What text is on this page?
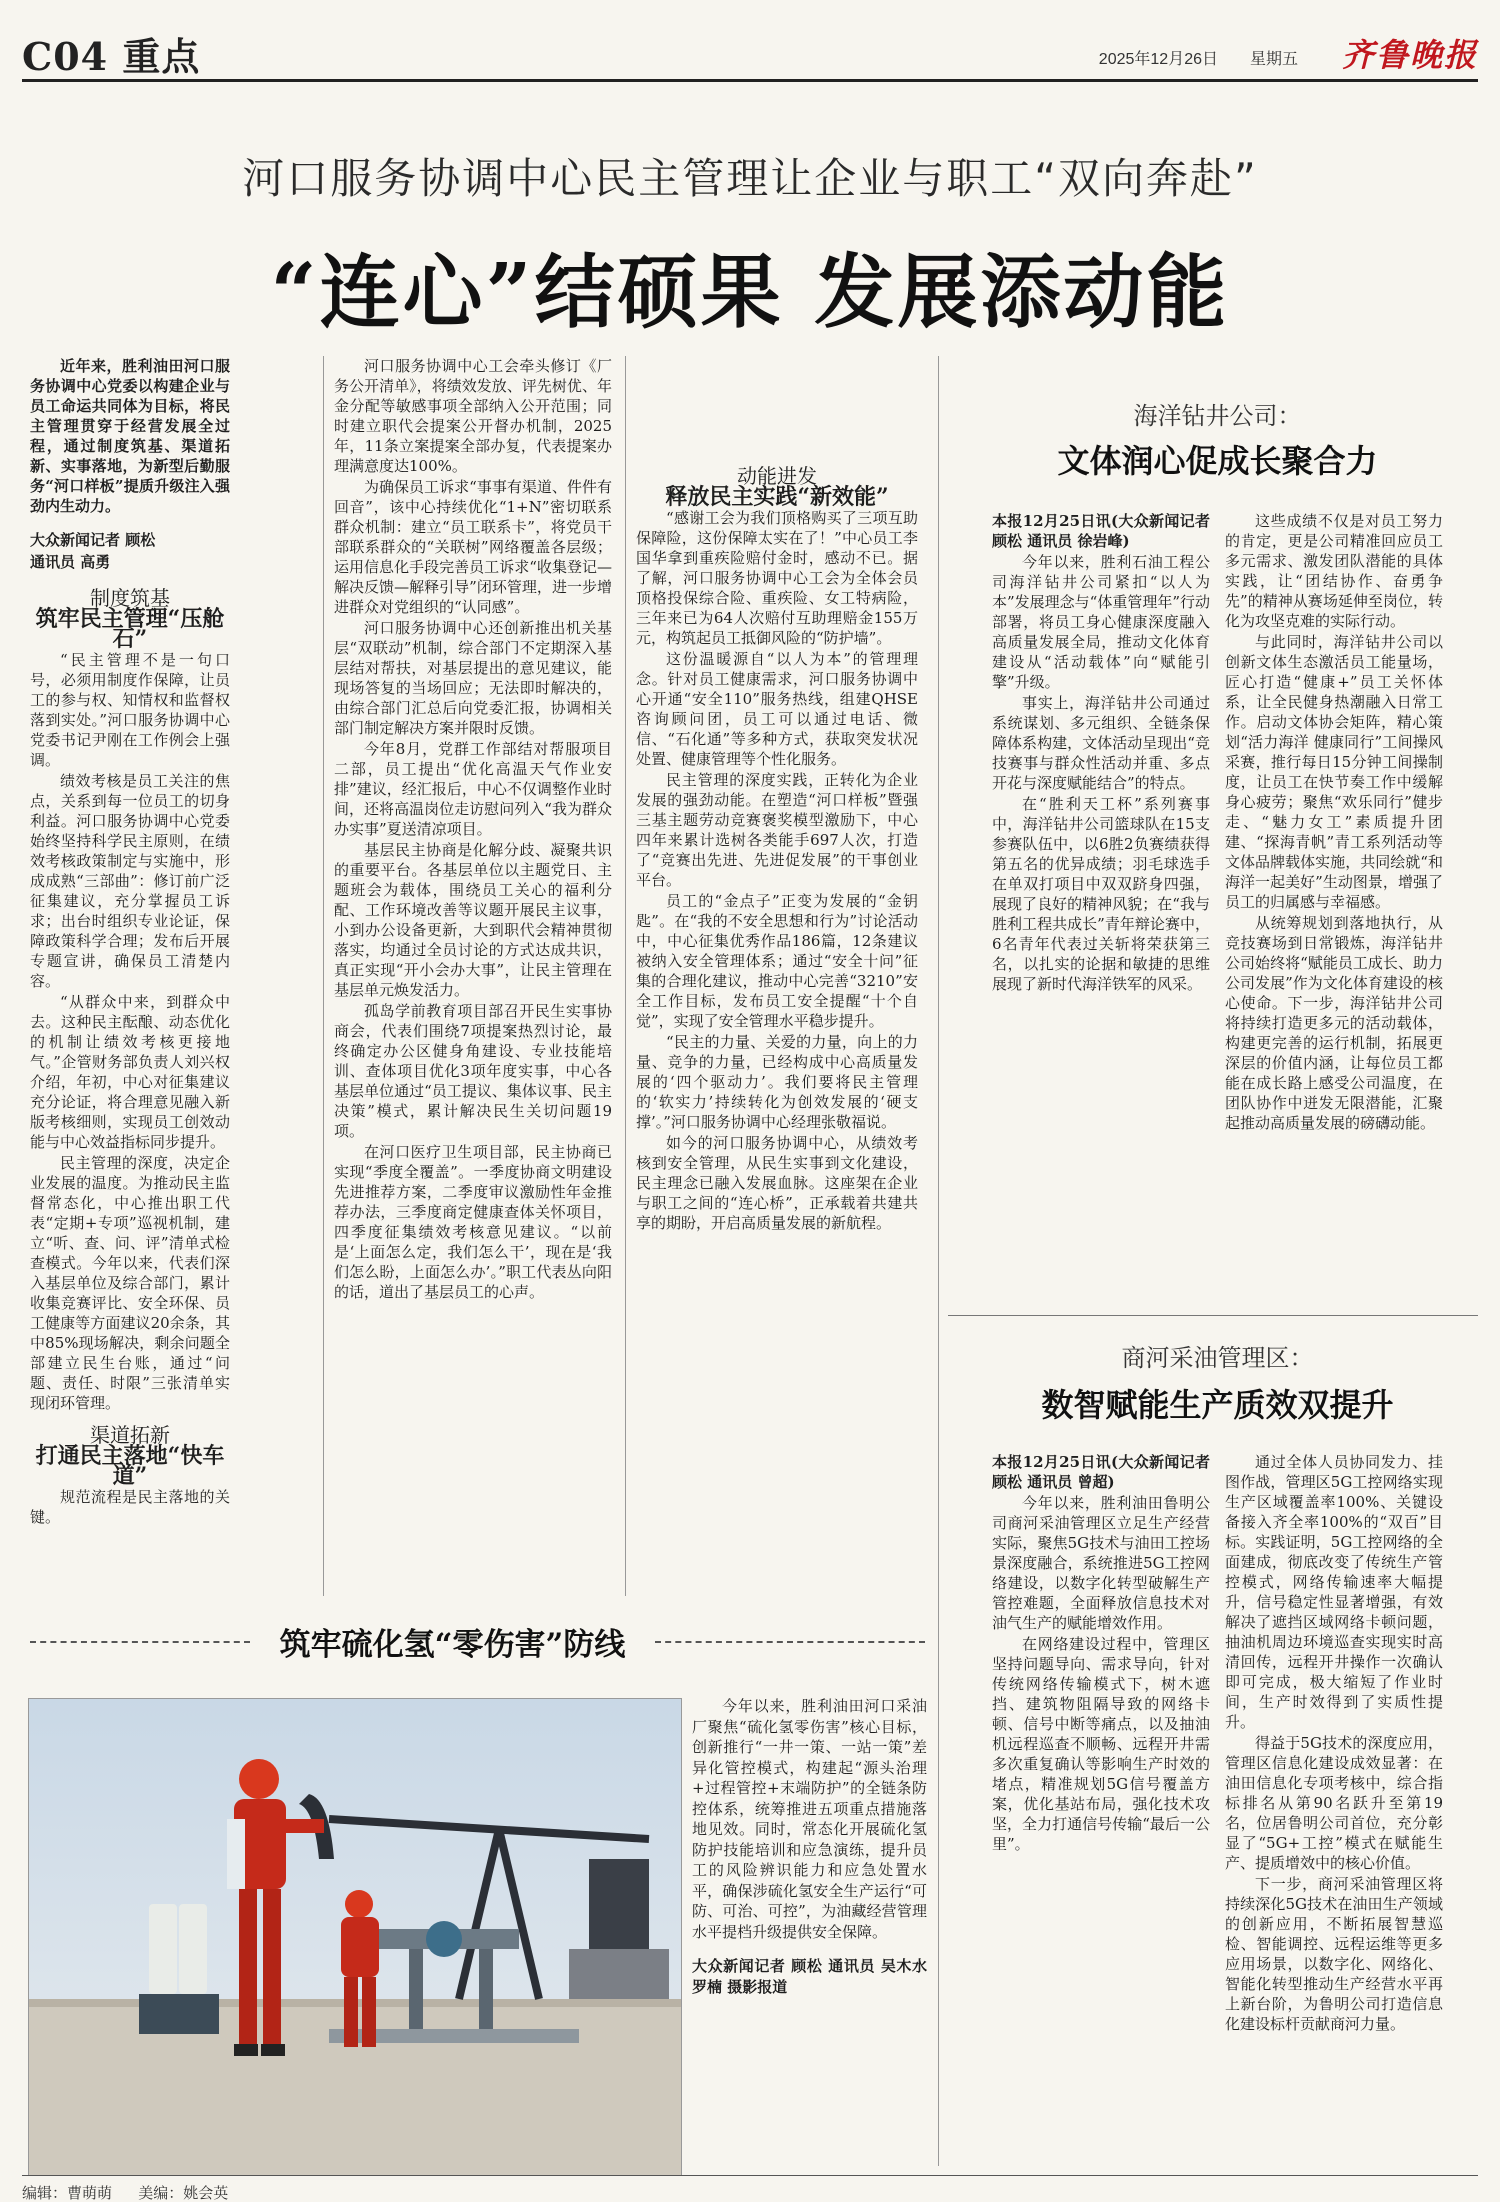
C04 重点	2025年12月26日 星期五 齐鲁晚报
河口服务协调中心民主管理让企业与职工“双向奔赴”
“连心”结硕果 发展添动能

近年来，胜利油田河口服务协调中心党委以构建企业与员工命运共同体为目标，将民主管理贯穿于经营发展全过程，通过制度筑基、渠道拓新、实事落地，为新型后勤服务“河口样板”提质升级注入强劲内生动力。

大众新闻记者 顾松

通讯员 高勇

制度筑基

筑牢民主管理“压舱石”

“民主管理不是一句口号，必须用制度作保障，让员工的参与权、知情权和监督权落到实处。”河口服务协调中心党委书记尹刚在工作例会上强调。

绩效考核是员工关注的焦点，关系到每一位员工的切身利益。河口服务协调中心党委始终坚持科学民主原则，在绩效考核政策制定与实施中，形成成熟“三部曲”：修订前广泛征集建议，充分掌握员工诉求；出台时组织专业论证，保障政策科学合理；发布后开展专题宣讲，确保员工清楚内容。

“从群众中来，到群众中去。这种民主酝酿、动态优化的机制让绩效考核更接地气。”企管财务部负责人刘兴权介绍，年初，中心对征集建议充分论证，将合理意见融入新版考核细则，实现员工创效动能与中心效益指标同步提升。

民主管理的深度，决定企业发展的温度。为推动民主监督常态化，中心推出职工代表“定期+专项”巡视机制，建立“听、查、问、评”清单式检查模式。今年以来，代表们深入基层单位及综合部门，累计收集竞赛评比、安全环保、员工健康等方面建议20余条，其中85%现场解决，剩余问题全部建立民生台账，通过“问题、责任、时限”三张清单实现闭环管理。

渠道拓新

打通民主落地“快车道”

规范流程是民主落地的关键。

河口服务协调中心工会牵头修订《厂务公开清单》，将绩效发放、评先树优、年金分配等敏感事项全部纳入公开范围；同时建立职代会提案公开督办机制，2025年，11条立案提案全部办复，代表提案办理满意度达100%。

为确保员工诉求“事事有渠道、件件有回音”，该中心持续优化“1+N”密切联系群众机制：建立“员工联系卡”，将党员干部联系群众的“关联树”网络覆盖各层级；运用信息化手段完善员工诉求“收集登记—解决反馈—解释引导”闭环管理，进一步增进群众对党组织的“认同感”。

河口服务协调中心还创新推出机关基层“双联动”机制，综合部门不定期深入基层结对帮扶，对基层提出的意见建议，能现场答复的当场回应；无法即时解决的，由综合部门汇总后向党委汇报，协调相关部门制定解决方案并限时反馈。

今年8月，党群工作部结对帮服项目二部，员工提出“优化高温天气作业安排”建议，经汇报后，中心不仅调整作业时间，还将高温岗位走访慰问列入“我为群众办实事”夏送清凉项目。

基层民主协商是化解分歧、凝聚共识的重要平台。各基层单位以主题党日、主题班会为载体，围绕员工关心的福利分配、工作环境改善等议题开展民主议事，小到办公设备更新，大到职代会精神贯彻落实，均通过全员讨论的方式达成共识，真正实现“开小会办大事”，让民主管理在基层单元焕发活力。

孤岛学前教育项目部召开民生实事协商会，代表们围绕7项提案热烈讨论，最终确定办公区健身角建设、专业技能培训、查体项目优化3项年度实事，中心各基层单位通过“员工提议、集体议事、民主决策”模式，累计解决民生关切问题19项。

在河口医疗卫生项目部，民主协商已实现“季度全覆盖”。一季度协商文明建设先进推荐方案，二季度审议激励性年金推荐办法，三季度商定健康查体关怀项目，四季度征集绩效考核意见建议。“以前是‘上面怎么定，我们怎么干’，现在是‘我们怎么盼，上面怎么办’。”职工代表丛向阳的话，道出了基层员工的心声。

动能进发

释放民主实践“新效能”

“感谢工会为我们顶格购买了三项互助保障险，这份保障太实在了！”中心员工李国华拿到重疾险赔付金时，感动不已。据了解，河口服务协调中心工会为全体会员顶格投保综合险、重疾险、女工特病险，三年来已为64人次赔付互助理赔金155万元，构筑起员工抵御风险的“防护墙”。

这份温暖源自“以人为本”的管理理念。针对员工健康需求，河口服务协调中心开通“安全110”服务热线，组建QHSE咨询顾问团，员工可以通过电话、微信、“石化通”等多种方式，获取突发状况处置、健康管理等个性化服务。

民主管理的深度实践，正转化为企业发展的强劲动能。在塑造“河口样板”暨强三基主题劳动竞赛褒奖模型激励下，中心四年来累计选树各类能手697人次，打造了“竞赛出先进、先进促发展”的干事创业平台。

员工的“金点子”正变为发展的“金钥匙”。在“我的不安全思想和行为”讨论活动中，中心征集优秀作品186篇，12条建议被纳入安全管理体系；通过“安全十问”征集的合理化建议，推动中心完善“3210”安全工作目标，发布员工安全提醒“十个自觉”，实现了安全管理水平稳步提升。

“民主的力量、关爱的力量，向上的力量、竞争的力量，已经构成中心高质量发展的‘四个驱动力’。我们要将民主管理的‘软实力’持续转化为创效发展的‘硬支撑’。”河口服务协调中心经理张敬福说。

如今的河口服务协调中心，从绩效考核到安全管理，从民生实事到文化建设，民主理念已融入发展血脉。这座架在企业与职工之间的“连心桥”，正承载着共建共享的期盼，开启高质量发展的新航程。

海洋钻井公司：
文体润心促成长聚合力

本报12月25日讯(大众新闻记者 顾松 通讯员 徐岩峰)

今年以来，胜利石油工程公司海洋钻井公司紧扣“以人为本”发展理念与“体重管理年”行动部署，将员工身心健康深度融入高质量发展全局，推动文化体育建设从“活动载体”向“赋能引擎”升级。

事实上，海洋钻井公司通过系统谋划、多元组织、全链条保障体系构建，文体活动呈现出“竞技赛事与群众性活动并重、多点开花与深度赋能结合”的特点。

在“胜利天工杯”系列赛事中，海洋钻井公司篮球队在15支参赛队伍中，以6胜2负赛绩获得第五名的优异成绩；羽毛球选手在单双打项目中双双跻身四强，展现了良好的精神风貌；在“我与胜利工程共成长”青年辩论赛中，6名青年代表过关斩将荣获第三名，以扎实的论据和敏捷的思维展现了新时代海洋铁军的风采。

这些成绩不仅是对员工努力的肯定，更是公司精准回应员工多元需求、激发团队潜能的具体实践，让“团结协作、奋勇争先”的精神从赛场延伸至岗位，转化为攻坚克难的实际行动。

与此同时，海洋钻井公司以创新文体生态激活员工能量场，匠心打造“健康+”员工关怀体系，让全民健身热潮融入日常工作。启动文体协会矩阵，精心策划“活力海洋 健康同行”工间操风采赛，推行每日15分钟工间操制度，让员工在快节奏工作中缓解身心疲劳；聚焦“欢乐同行”健步走、“魅力女工”素质提升团建、“探海青帆”青工系列活动等文体品牌载体实施，共同绘就“和海洋一起美好”生动图景，增强了员工的归属感与幸福感。

从统筹规划到落地执行，从竞技赛场到日常锻炼，海洋钻井公司始终将“赋能员工成长、助力公司发展”作为文化体育建设的核心使命。下一步，海洋钻井公司将持续打造更多元的活动载体，构建更完善的运行机制，拓展更深层的价值内涵，让每位员工都能在成长路上感受公司温度，在团队协作中迸发无限潜能，汇聚起推动高质量发展的磅礴动能。

商河采油管理区：
数智赋能生产质效双提升

本报12月25日讯(大众新闻记者 顾松 通讯员 曾超)

今年以来，胜利油田鲁明公司商河采油管理区立足生产经营实际，聚焦5G技术与油田工控场景深度融合，系统推进5G工控网络建设，以数字化转型破解生产管控难题，全面释放信息技术对油气生产的赋能增效作用。

在网络建设过程中，管理区坚持问题导向、需求导向，针对传统网络传输模式下，树木遮挡、建筑物阻隔导致的网络卡顿、信号中断等痛点，以及抽油机远程巡查不顺畅、远程开井需多次重复确认等影响生产时效的堵点，精准规划5G信号覆盖方案，优化基站布局，强化技术攻坚，全力打通信号传输“最后一公里”。

通过全体人员协同发力、挂图作战，管理区5G工控网络实现生产区域覆盖率100%、关键设备接入齐全率100%的“双百”目标。实践证明，5G工控网络的全面建成，彻底改变了传统生产管控模式，网络传输速率大幅提升，信号稳定性显著增强，有效解决了遮挡区域网络卡顿问题，抽油机周边环境巡查实现实时高清回传，远程开井操作一次确认即可完成，极大缩短了作业时间，生产时效得到了实质性提升。

得益于5G技术的深度应用，管理区信息化建设成效显著：在油田信息化专项考核中，综合指标排名从第90名跃升至第19名，位居鲁明公司首位，充分彰显了“5G+工控”模式在赋能生产、提质增效中的核心价值。

下一步，商河采油管理区将持续深化5G技术在油田生产领域的创新应用，不断拓展智慧巡检、智能调控、远程运维等更多应用场景，以数字化、网络化、智能化转型推动生产经营水平再上新台阶，为鲁明公司打造信息化建设标杆贡献商河力量。

筑牢硫化氢“零伤害”防线

今年以来，胜利油田河口采油厂聚焦“硫化氢零伤害”核心目标，创新推行“一井一策、一站一策”差异化管控模式，构建起“源头治理+过程管控+末端防护”的全链条防控体系，统筹推进五项重点措施落地见效。同时，常态化开展硫化氢防护技能培训和应急演练，提升员工的风险辨识能力和应急处置水平，确保涉硫化氢安全生产运行“可防、可治、可控”，为油藏经营管理水平提档升级提供安全保障。

大众新闻记者 顾松 通讯员 吴木水 罗楠 摄影报道

编辑：曹萌萌 美编：姚会英
